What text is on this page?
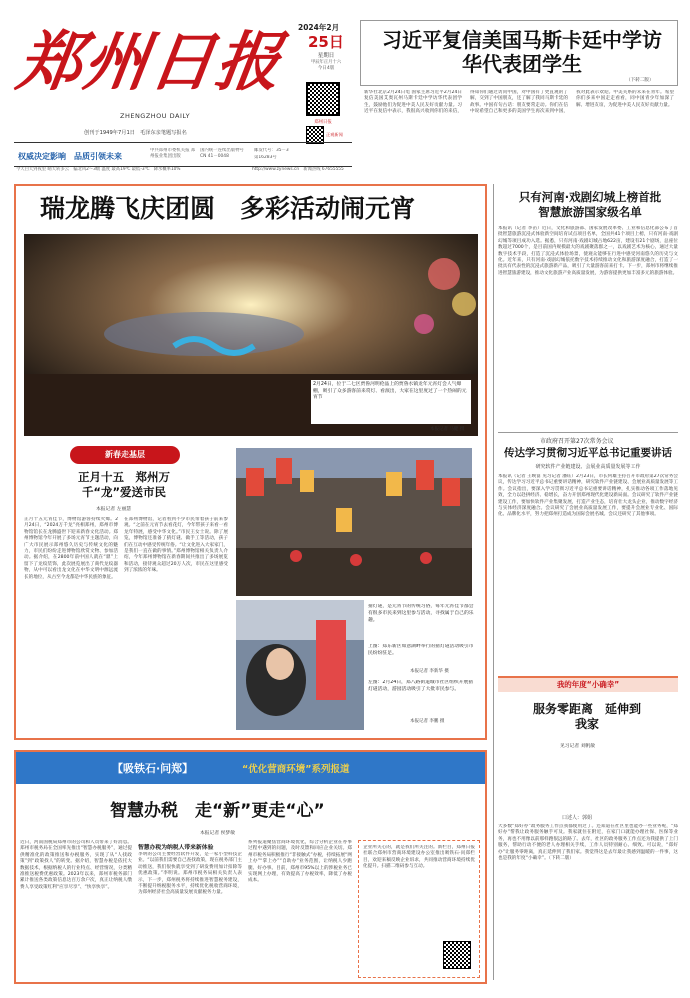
郑州日报
ZHENGZHOU DAILY
创刊于1949年7月1日　毛泽东亲笔题写报名
2024年2月
25日
星期日
甲辰年正月十六
今日4版
郑州日报
正观新闻
权威决定影响 品质引领未来
中共郑州市委机关报 郑州报业集团出版
国内统一连续出版物号 CN 41－0048
邮发代号：35－3
第16283号
今天白天到夜里 晴天转多云　偏北风2～3级 温度 最高19℃ 最低-3℃　降水概率10%	http://www.zynews.cn　新闻热线 67655555
习近平复信美国马斯卡廷中学访华代表团学生
（下转二版）
新华社北京2月24日电 国家主席习近平2月24日复信美国艾奥瓦州马斯卡廷中学访华代表团学生，鼓励他们为促进中美人民友好贡献力量。习近平在复信中表示，我很高兴收到你们的来信，得知你们通过访问中国，对中国有了更直观的了解，交到了中国朋友，还了解了我同马斯卡廷的故事。中国有句古话：朋友要常走动。你们在信中说希望自己和更多的美国学生再次来到中国，我对此表示欢迎。中美关系的未来在青年。希望你们多来中国走走看看，同中国青少年加深了解、增进友谊，为促进中美人民友好贡献力量。
瑞龙腾飞庆团圆　多彩活动闹元宵
2月24日，位于二七区贾鲁河明伦晶上的贾鲁水镇龙年元宵灯会人气爆棚，吸引了众多游客前来赏灯、看演出，大家在这里度过了一个热闹的元宵节
本报记者 马健 摄
新春走基层
正月十五　郑州万千“龙”爱送市民
本报记者 左丽慧
正月十五元宵佳节，博物馆游客持续火爆。2月24日，“2024万千龙”亮相郑州，郑州市博物馆馆长在龙腾盛世下迎来新春文化活动。郑州博物馆今年开展了多场元宵节主题活动，向广大市民展示郑州悠久历史与传统文化的魅力，市民们纷纷走进博物馆欣赏文物、参加活动。据介绍，在2800年前中国人就在“鼎”上留下了龙纹装饰，此次展览展出了商代龙纹器物，从中可以看出龙文化在中华文明中源远流长的地位，从古至今龙都是中华民族的象征。
在郑州博物馆，记者看到不少市民带着孩子前来参观。“之前在元宵节去看花灯，今年带孩子来看一看龙年特展，感受中华文化。”市民王女士说。除了展览，博物馆还准备了猜灯谜、做手工等活动，孩子们在互动中感受传统年俗。“让文化进入大家家门，是我们一直在做的事情。”郑州博物馆相关负责人介绍，今年郑州博物馆在新春期间共推出了多场展览和活动，接待观众超过20万人次，市民在这里感受到了浓浓的年味。
猜灯谜，是元宵节的传统习俗，每年元宵佳节都会有很多市民来到这里参与活动，寻找属于自己的乐趣。
上图：郑东新区如意湖畔举行的猜灯谜活动吸引市民纷纷驻足。
本报记者 李新华 摄
左图：2月24日，郑八路街道城市社区组织开展猜灯谜活动，游园活动吸引了大批市民参与。
本报记者 李鹏 摄
只有河南·戏剧幻城上榜首批智慧旅游国家级名单
本报讯（记者 李苗）近日，文化和旅游部、国家发展改革委、工业和信息化部公布了首批智慧旅游沉浸式体验新空间培育试点项目名单，全国共41个项目上榜，只有河南·戏剧幻城等项目成功入选。据悉，只有河南·戏剧幻城占地622亩，建设有21个剧场，总座位数超过7000个，是目前国内规模最大的戏剧聚落群之一，以戏剧艺术为核心，通过大量数字技术手段，打造了沉浸式体验场景，使观众能够在行进中感受河南悠久的历史与文化。近年来，只有河南·戏剧幻城依托数字技术持续推动文化和旅游深度融合，打造了一批具有代表性的沉浸式旅游新产品，吸引了大量游客前来打卡。下一步，郑州市将继续推进智慧旅游建设，推动文化旅游产业高质量发展，为游客提供更加丰富多元的旅游体验。
市政府召开第27次常务会议
传达学习贯彻习近平总书记重要讲话
研究软件产业链建设、会展业高质量发展等工作
本报讯（记者 王映富 见习记者 潘钰）2月23日，市长何雄主持召开市政府第27次常务会议，传达学习习近平总书记重要讲话精神，研究软件产业链建设、会展业高质量发展等工作。会议指出，要深入学习贯彻习近平总书记重要讲话精神，扎实推动各项工作落地见效，全力以赴拼经济、稳增长，奋力开创郑州现代化建设新局面。会议研究了软件产业链建设工作，要加快软件产业集聚发展，打造产业生态，培育壮大龙头企业，推动数字经济与实体经济深度融合。会议研究了会展业高质量发展工作，要提升会展业专业化、国际化、品牌化水平，努力把郑州打造成为国际会展名城。会议还研究了其他事项。
我的年度“小确幸”
服务零距离　延伸到我家
见习记者 刘帆敏
口述人：郭姐
大多数“郑好办”政务服务工作点我都使用过了。还知道在社区里也能办一些业务呢，“郑好办”帮我让政务服务触手可及。我家就住在附近，在家门口就能办理社保、医保等业务，再也不用像以前那样跑很远的路了。去年，社区的政务服务工作点还为我提供了上门服务，帮助行动不便的老人办理相关手续，工作人员特别耐心、细致。可以说，“郑好办”让服务零距离，真正延伸到了我们家。我觉得这是去年最让我感到温暖的一件事，这也是我的年度“小确幸”。（下转二版）
【吸铁石·问郑】	“优化营商环境”系列报道
智慧办税　走“新”更走“心”
本报记者 侯梦敏
近日，河南国税局郑州市的公司和人员带来了好消息。郑州市税务局在全国率先推出“智慧办税服务”，通过提供精准化的政策推送和办税服务，实现了从“人找政策”到“政策找人”的转变。据介绍，智慧办税是依托大数据技术，根据纳税人的行业特点、经营情况，分类精准推送税费优惠政策。2023年以来，郑州市税务部门累计推送各类政策信息达百万余户次，真正让纳税人缴费人享受政策红利“应享尽享”、“快享快享”。
智慧办税为纳税人带来新体验
李明的公司主要经营软件开发，是一家小型科技企业。“以前我们需要自己查找政策，现在税务部门主动推送，我们很快就享受到了研发费用加计扣除等优惠政策。”李明说。郑州市税务局相关负责人表示，下一步，郑州税务将持续推进智慧税务建设，不断提升纳税服务水平，持续优化税收营商环境，为郑州经济社会高质量发展贡献税务力量。
系列报道聚焦营商环境优化，综合分析企业在办事过程中遇到的问题，及时反馈和回应企业关切。郑州市税务局积极推行“非接触式”办税，持续拓展“网上办”“掌上办”“自助办”业务范围，让纳税人少跑腿、好办事。目前，郑州市95%以上的涉税业务已实现网上办理，有效提高了办税效率，降低了办税成本。
企业所关心的，就是我们所关注的。新栏目，郑州日报社联合郑州市营商环境建设办公室推出吸铁石·问郑栏目，欢迎来稿反映企业诉求，共同推动营商环境持续优化提升。扫描二维码参与互动。
